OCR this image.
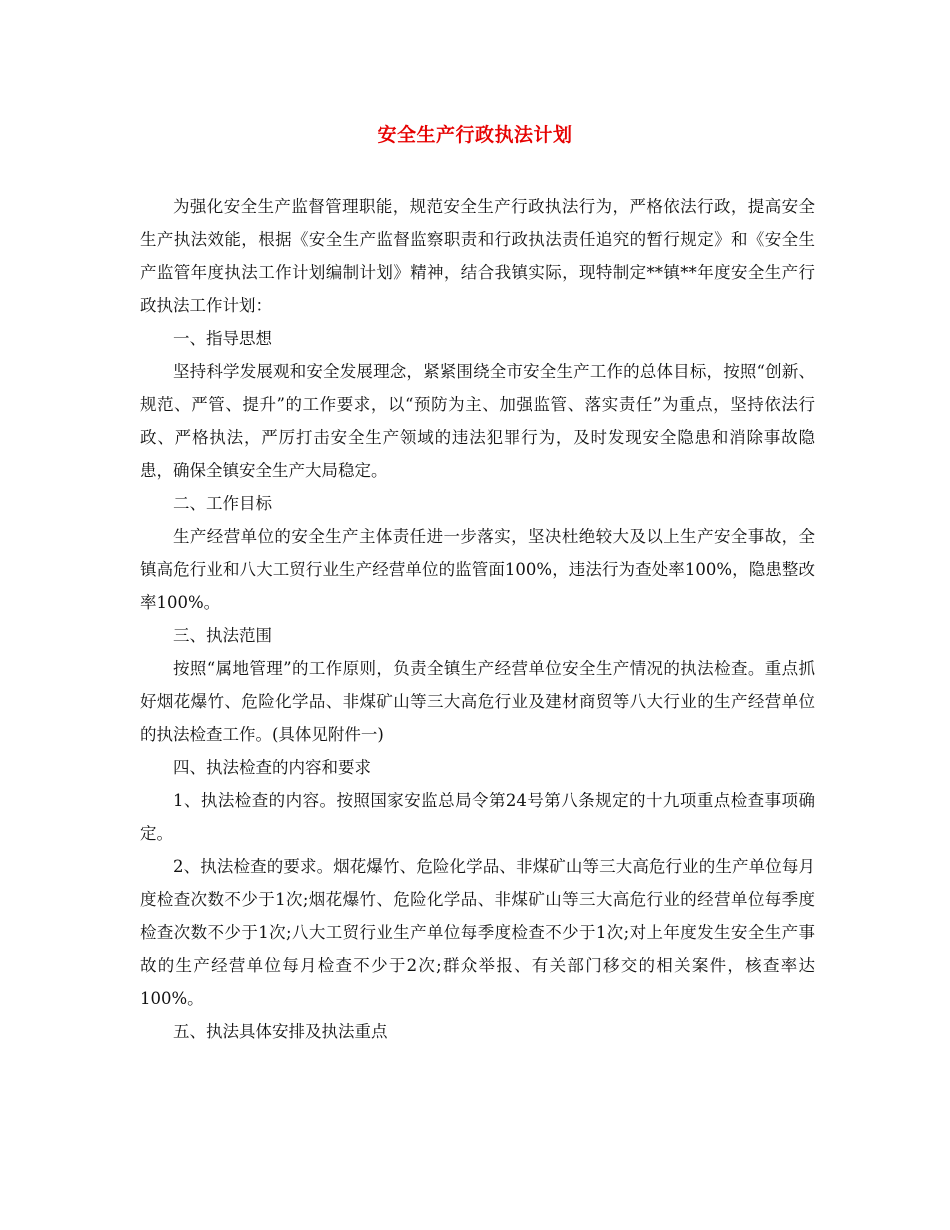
安全生产行政执法计划

为强化安全生产监督管理职能，规范安全生产行政执法行为，严格依法行政，提高安全生产执法效能，根据《安全生产监督监察职责和行政执法责任追究的暂行规定》和《安全生产监管年度执法工作计划编制计划》精神，结合我镇实际，现特制定**镇**年度安全生产行政执法工作计划：

一、指导思想

坚持科学发展观和安全发展理念，紧紧围绕全市安全生产工作的总体目标，按照“创新、规范、严管、提升”的工作要求，以“预防为主、加强监管、落实责任”为重点，坚持依法行政、严格执法，严厉打击安全生产领域的违法犯罪行为，及时发现安全隐患和消除事故隐患，确保全镇安全生产大局稳定。

二、工作目标

生产经营单位的安全生产主体责任进一步落实，坚决杜绝较大及以上生产安全事故，全镇高危行业和八大工贸行业生产经营单位的监管面100%，违法行为查处率100%，隐患整改率100%。

三、执法范围

按照“属地管理”的工作原则，负责全镇生产经营单位安全生产情况的执法检查。重点抓好烟花爆竹、危险化学品、非煤矿山等三大高危行业及建材商贸等八大行业的生产经营单位的执法检查工作。(具体见附件一)

四、执法检查的内容和要求

1、执法检查的内容。按照国家安监总局令第24号第八条规定的十九项重点检查事项确定。

2、执法检查的要求。烟花爆竹、危险化学品、非煤矿山等三大高危行业的生产单位每月度检查次数不少于1次;烟花爆竹、危险化学品、非煤矿山等三大高危行业的经营单位每季度检查次数不少于1次;八大工贸行业生产单位每季度检查不少于1次;对上年度发生安全生产事故的生产经营单位每月检查不少于2次;群众举报、有关部门移交的相关案件，核查率达100%。

五、执法具体安排及执法重点
